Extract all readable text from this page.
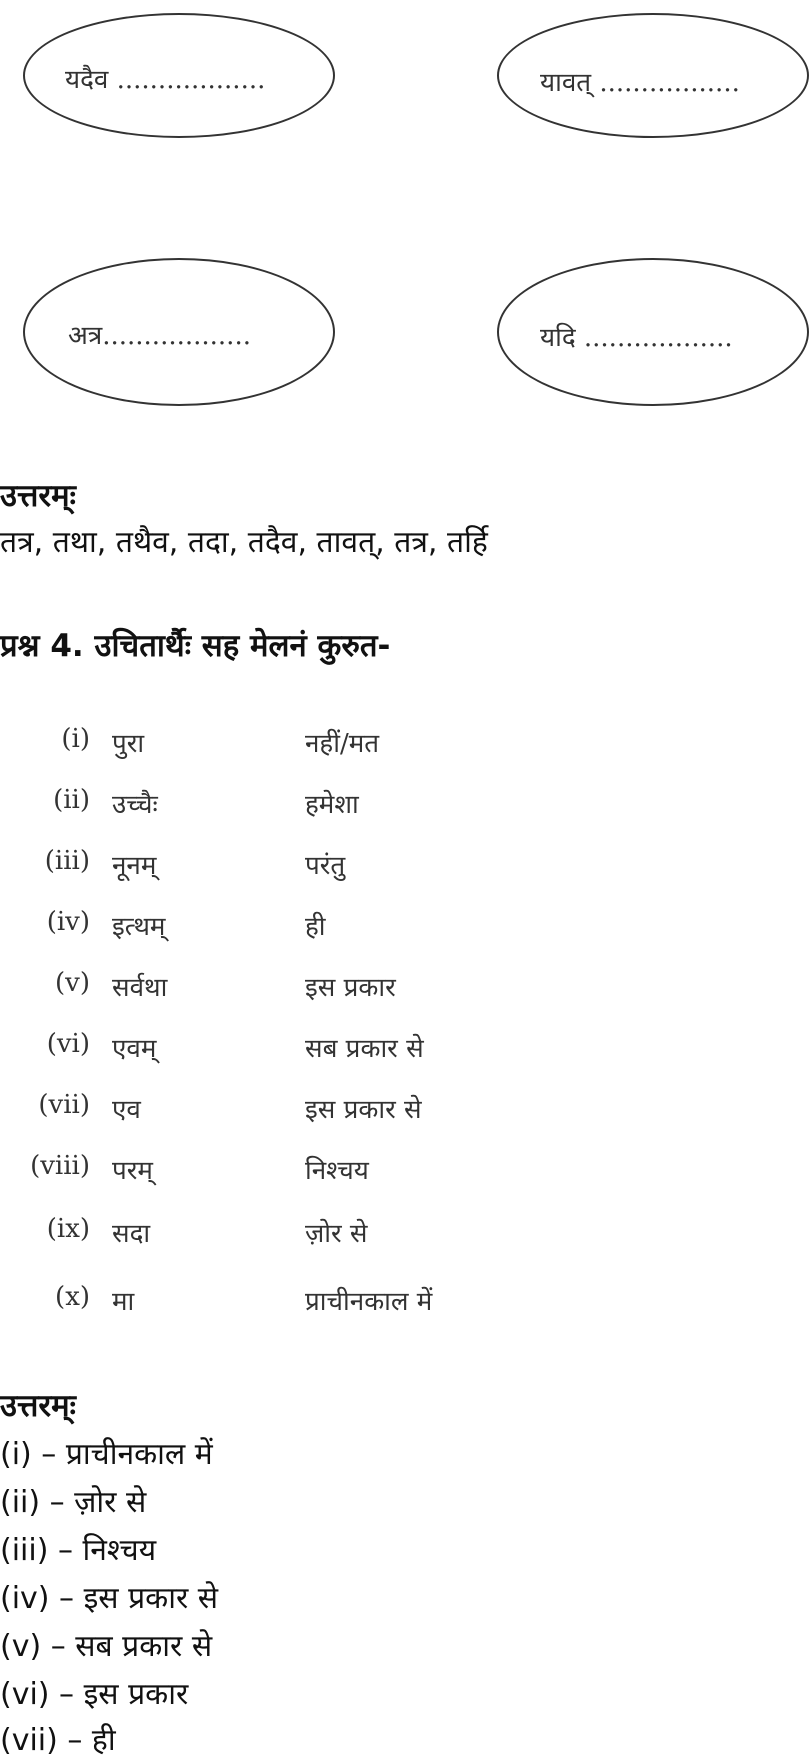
यदैव ..................	यावत् .................
अत्र..................	यदि ..................
उत्तरम्ः
तत्र, तथा, तथैव, तदा, तदैव, तावत्, तत्र, तर्हि
प्रश्न 4. उचितार्थैः सह मेलनं कुरुत-
(i) पुरा	नहीं/मत
(ii) उच्चैः	हमेशा
(iii) नूनम्	परंतु
(iv) इत्थम्	ही
(v) सर्वथा	इस प्रकार
(vi) एवम्	सब प्रकार से
(vii) एव	इस प्रकार से
(viii) परम्	निश्चय
(ix) सदा	ज़ोर से
(x) मा	प्राचीनकाल में
उत्तरम्ः
(i) – प्राचीनकाल में
(ii) – ज़ोर से
(iii) – निश्चय
(iv) – इस प्रकार से
(v) – सब प्रकार से
(vi) – इस प्रकार
(vii) – ही
